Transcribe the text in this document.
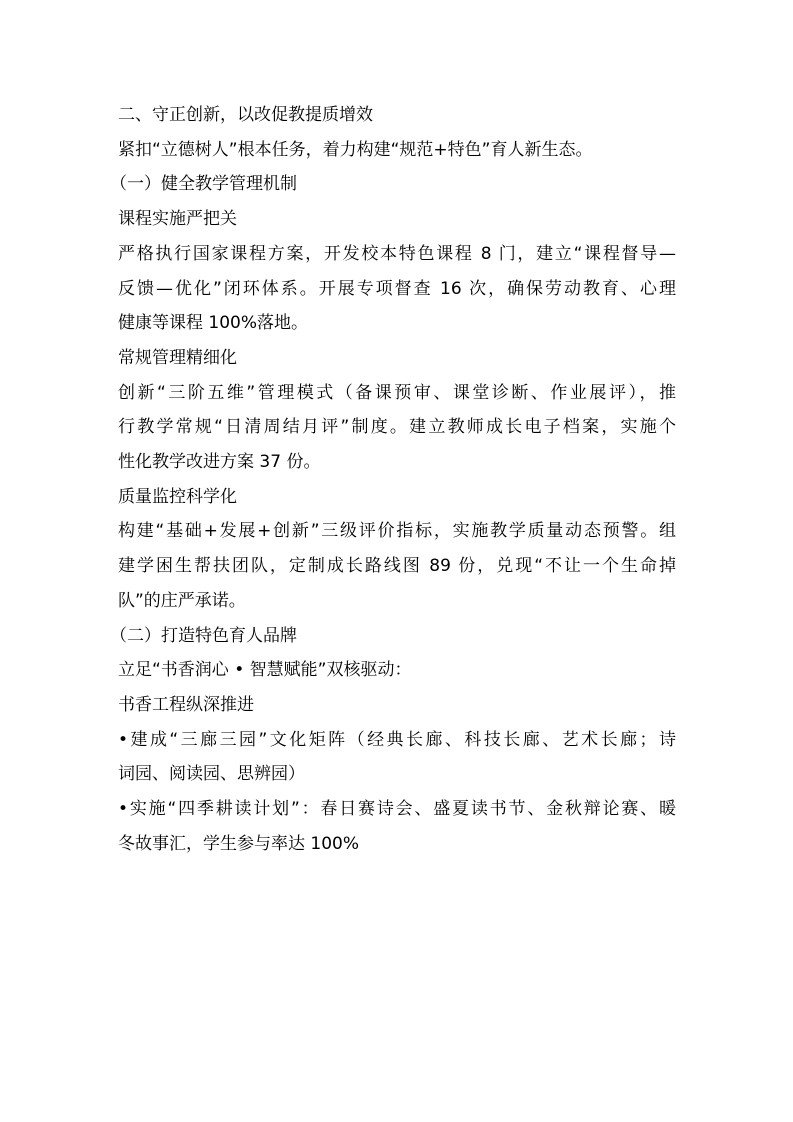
二、守正创新，以改促教提质增效

紧扣“立德树人”根本任务，着力构建“规范+特色”育人新生态。

（一）健全教学管理机制

课程实施严把关

严格执行国家课程方案，开发校本特色课程 8 门，建立“课程督导—

反馈—优化”闭环体系。开展专项督查 16 次，确保劳动教育、心理

健康等课程 100%落地。

常规管理精细化

创新“三阶五维”管理模式（备课预审、课堂诊断、作业展评），推

行教学常规“日清周结月评”制度。建立教师成长电子档案，实施个

性化教学改进方案 37 份。

质量监控科学化

构建“基础+发展+创新”三级评价指标，实施教学质量动态预警。组

建学困生帮扶团队，定制成长路线图 89 份，兑现“不让一个生命掉

队”的庄严承诺。

（二）打造特色育人品牌

立足“书香润心 • 智慧赋能”双核驱动：

书香工程纵深推进

•建成“三廊三园”文化矩阵（经典长廊、科技长廊、艺术长廊；诗

词园、阅读园、思辨园）

•实施“四季耕读计划”：春日赛诗会、盛夏读书节、金秋辩论赛、暖

冬故事汇，学生参与率达 100%
